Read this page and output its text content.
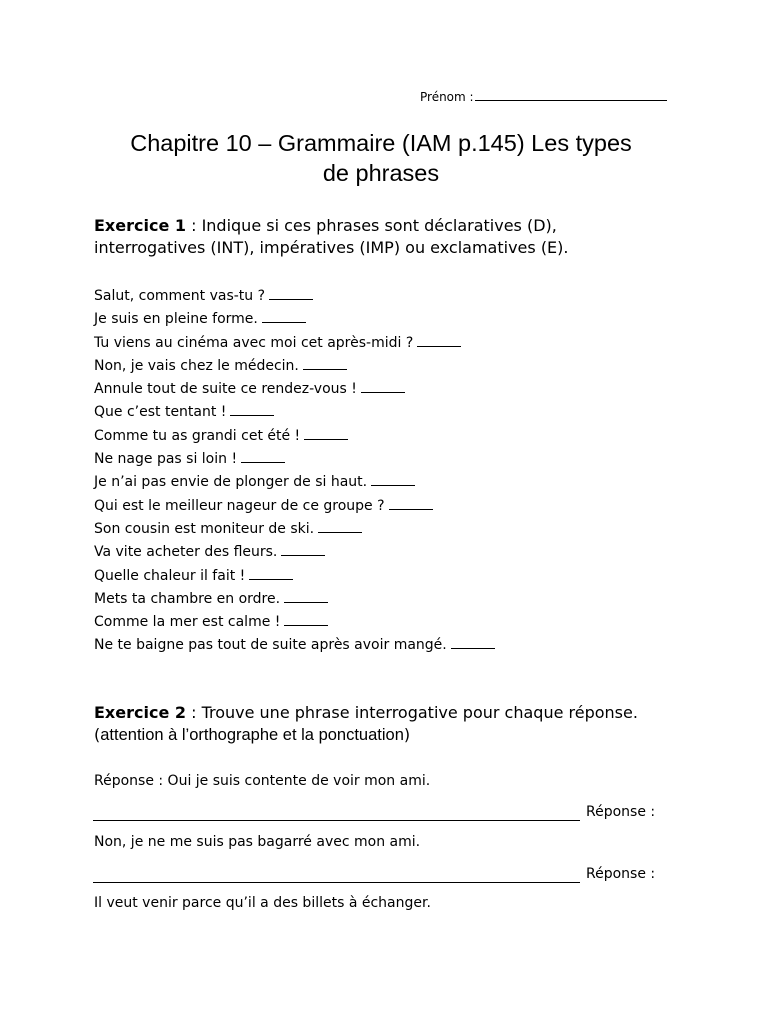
Prénom :
Chapitre 10 – Grammaire (IAM p.145) Les types de phrases
Exercice 1 : Indique si ces phrases sont déclaratives (D), interrogatives (INT), impératives (IMP) ou exclamatives (E).
Salut, comment vas-tu ?
Je suis en pleine forme.
Tu viens au cinéma avec moi cet après-midi ?
Non, je vais chez le médecin.
Annule tout de suite ce rendez-vous !
Que c’est tentant !
Comme tu as grandi cet été !
Ne nage pas si loin !
Je n’ai pas envie de plonger de si haut.
Qui est le meilleur nageur de ce groupe ?
Son cousin est moniteur de ski.
Va vite acheter des fleurs.
Quelle chaleur il fait !
Mets ta chambre en ordre.
Comme la mer est calme !
Ne te baigne pas tout de suite après avoir mangé.
Exercice 2 : Trouve une phrase interrogative pour chaque réponse. (attention à l’orthographe et la ponctuation)
Réponse : Oui je suis contente de voir mon ami.
Réponse :
Non, je ne me suis pas bagarré avec mon ami.
Réponse :
Il veut venir parce qu’il a des billets à échanger.
